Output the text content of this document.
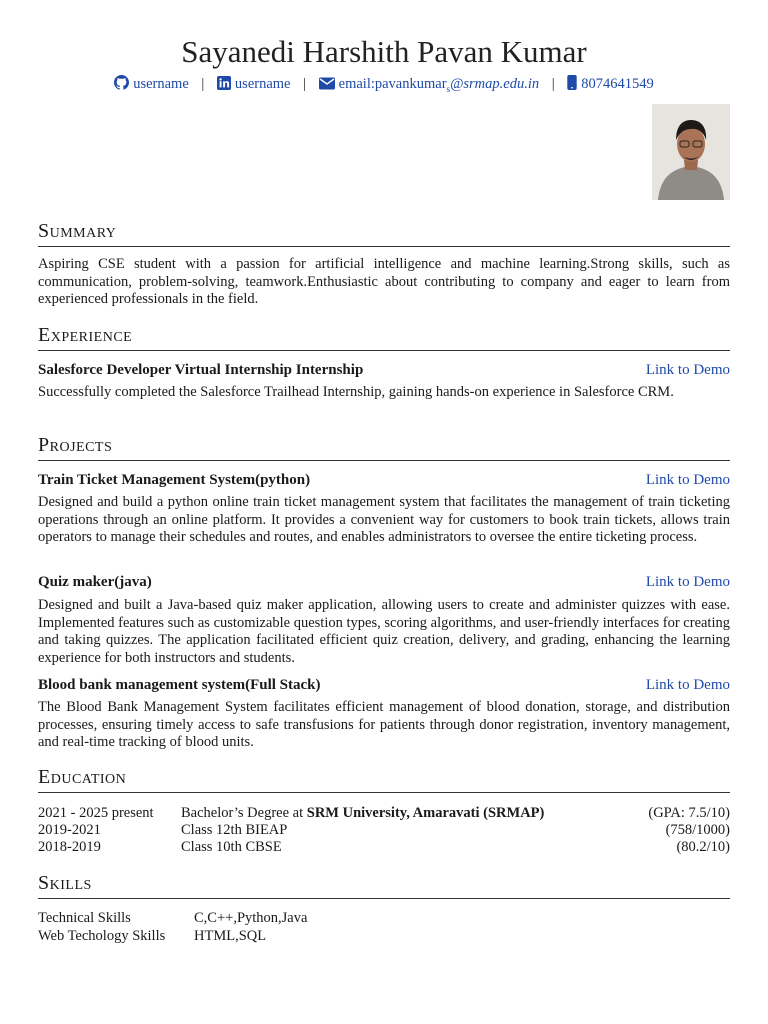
Sayanedi Harshith Pavan Kumar
username | username | email:pavankumar$_s$@srmap.edu.in | 8074641549
Summary
Aspiring CSE student with a passion for artificial intelligence and machine learning.Strong skills, such as communication, problem-solving, teamwork.Enthusiastic about contributing to company and eager to learn from experienced professionals in the field.
Experience
Salesforce Developer Virtual Internship Internship	Link to Demo
Successfully completed the Salesforce Trailhead Internship, gaining hands-on experience in Salesforce CRM.
Projects
Train Ticket Management System(python)	Link to Demo
Designed and build a python online train ticket management system that facilitates the management of train ticketing operations through an online platform. It provides a convenient way for customers to book train tickets, allows train operators to manage their schedules and routes, and enables administrators to oversee the entire ticketing process.
Quiz maker(java)	Link to Demo
Designed and built a Java-based quiz maker application, allowing users to create and administer quizzes with ease. Implemented features such as customizable question types, scoring algorithms, and user-friendly interfaces for creating and taking quizzes. The application facilitated efficient quiz creation, delivery, and grading, enhancing the learning experience for both instructors and students.
Blood bank management system(Full Stack)	Link to Demo
The Blood Bank Management System facilitates efficient management of blood donation, storage, and distribution processes, ensuring timely access to safe transfusions for patients through donor registration, inventory management, and real-time tracking of blood units.
Education
2021 - 2025 present Bachelor’s Degree at SRM University, Amaravati (SRMAP)	(GPA: 7.5/10)
2019-2021	Class 12th BIEAP	(758/1000)
2018-2019	Class 10th CBSE	(80.2/10)
Skills
Technical Skills	C,C++,Python,Java
Web Techology Skills HTML,SQL
